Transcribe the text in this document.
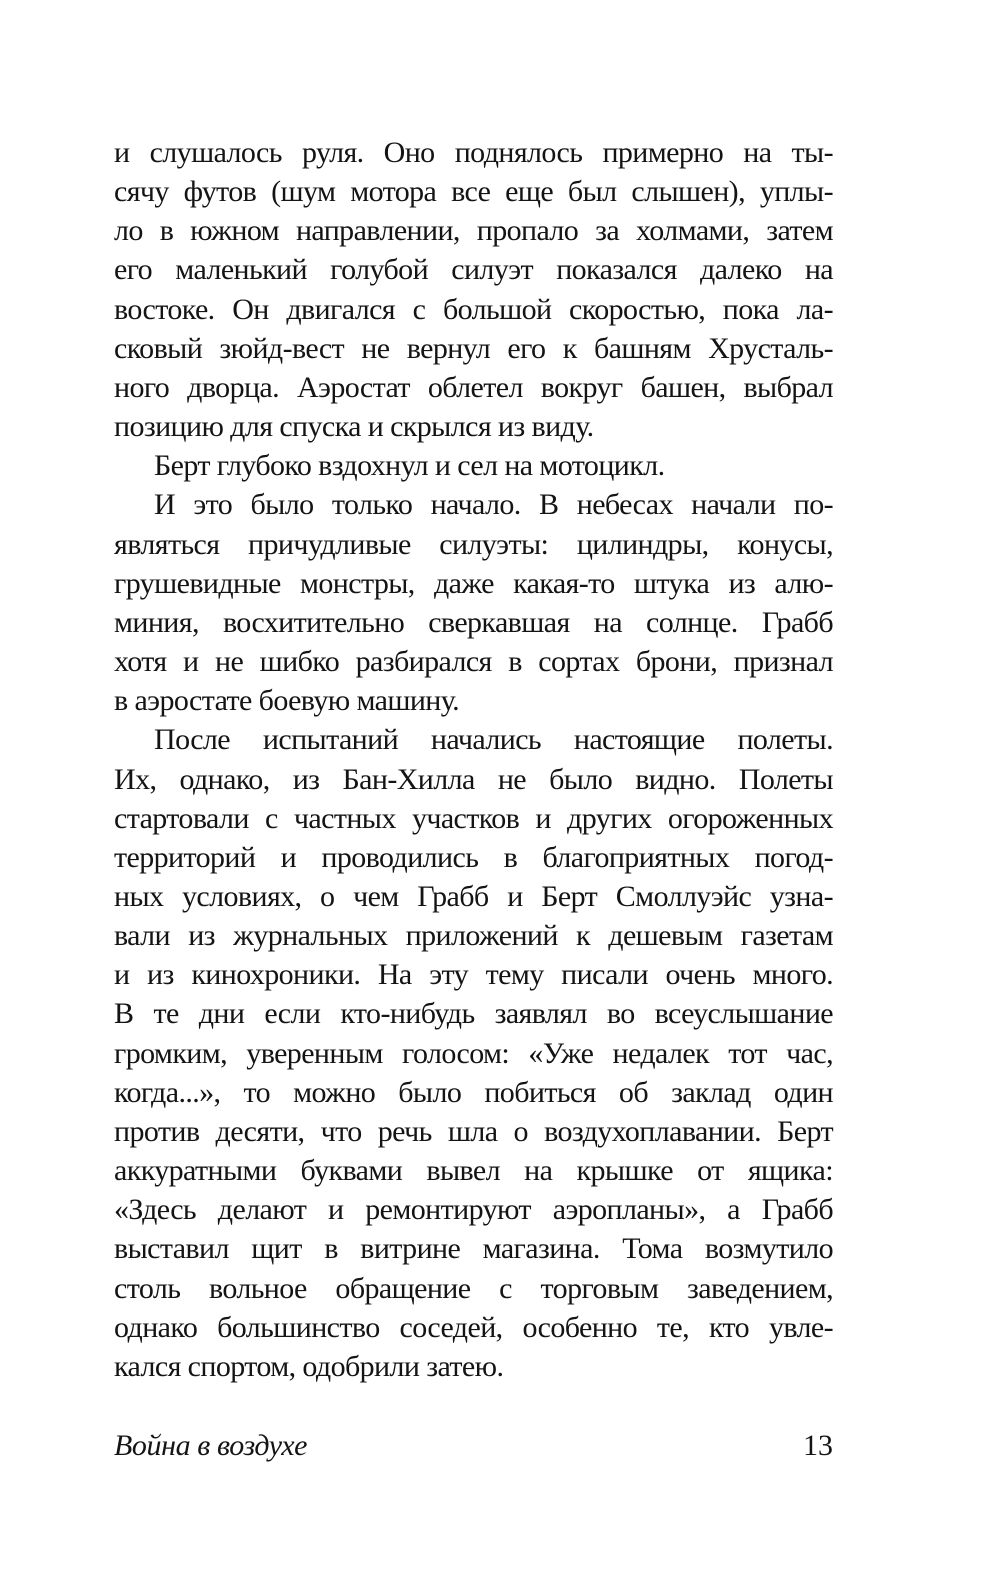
и слушалось руля. Оно поднялось примерно на ты-
сячу футов (шум мотора все еще был слышен), уплы-
ло в южном направлении, пропало за холмами, затем
его маленький голубой силуэт показался далеко на
востоке. Он двигался с большой скоростью, пока ла-
сковый зюйд-вест не вернул его к башням Хрусталь-
ного дворца. Аэростат облетел вокруг башен, выбрал
позицию для спуска и скрылся из виду.
Берт глубоко вздохнул и сел на мотоцикл.
И это было только начало. В небесах начали по-
являться причудливые силуэты: цилиндры, конусы,
грушевидные монстры, даже какая-то штука из алю-
миния, восхитительно сверкавшая на солнце. Грабб
хотя и не шибко разбирался в сортах брони, признал
в аэростате боевую машину.
После испытаний начались настоящие полеты.
Их, однако, из Бан-Хилла не было видно. Полеты
стартовали с частных участков и других огороженных
территорий и проводились в благоприятных погод-
ных условиях, о чем Грабб и Берт Смоллуэйс узна-
вали из журнальных приложений к дешевым газетам
и из кинохроники. На эту тему писали очень много.
В те дни если кто-нибудь заявлял во всеуслышание
громким, уверенным голосом: «Уже недалек тот час,
когда...», то можно было побиться об заклад один
против десяти, что речь шла о воздухоплавании. Берт
аккуратными буквами вывел на крышке от ящика:
«Здесь делают и ремонтируют аэропланы», а Грабб
выставил щит в витрине магазина. Тома возмутило
столь вольное обращение с торговым заведением,
однако большинство соседей, особенно те, кто увле-
кался спортом, одобрили затею.
Война в воздухе	13
